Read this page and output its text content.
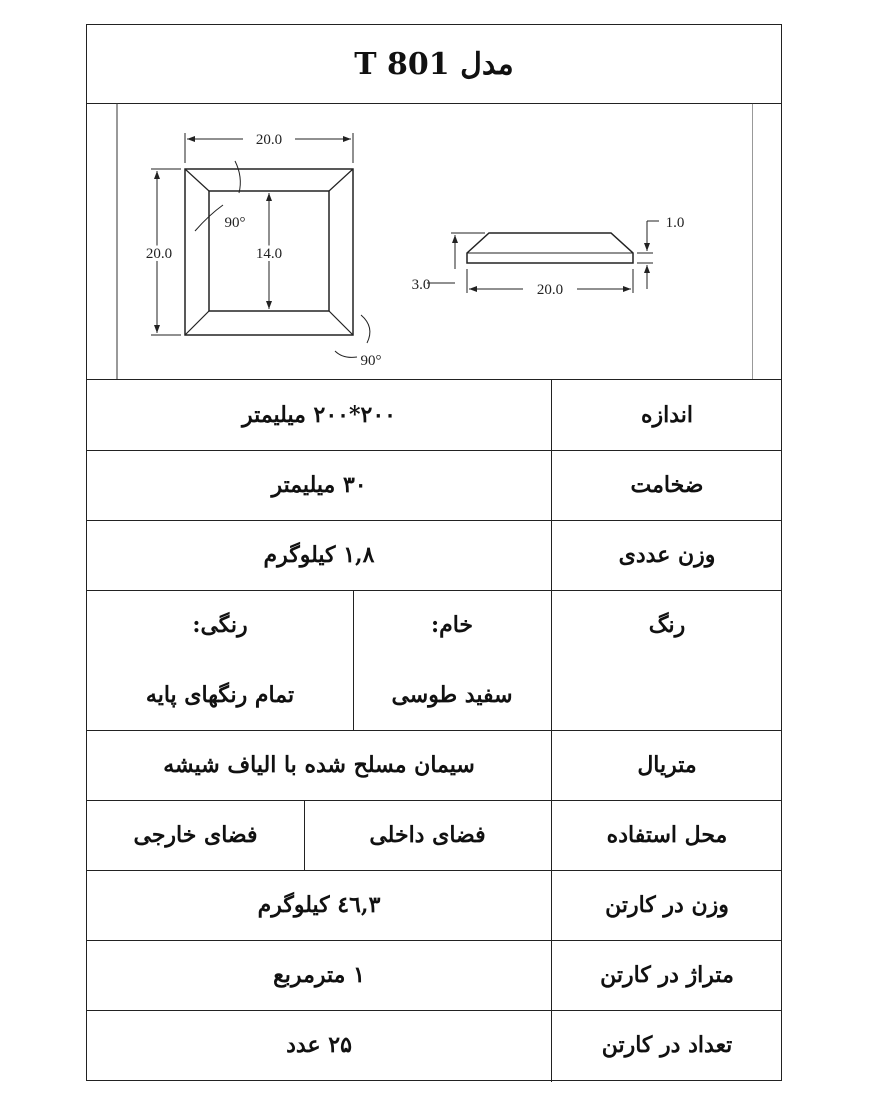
مدل T 801
20.0
20.0	14.0
90°
90°
3.0
1.0
20.0
اندازه
۲۰۰*۲۰۰ میلیمتر
ضخامت
۳۰ میلیمتر
وزن عددی
۱,۸ کیلوگرم
رنگ
خام:
سفید طوسی
رنگی:
تمام رنگهای پایه
متریال
سیمان مسلح شده با الیاف شیشه
محل استفاده
فضای داخلی
فضای خارجی
وزن در کارتن
٤٦,٣ کیلوگرم
متراژ در کارتن
۱ مترمربع
تعداد در کارتن
۲۵ عدد
